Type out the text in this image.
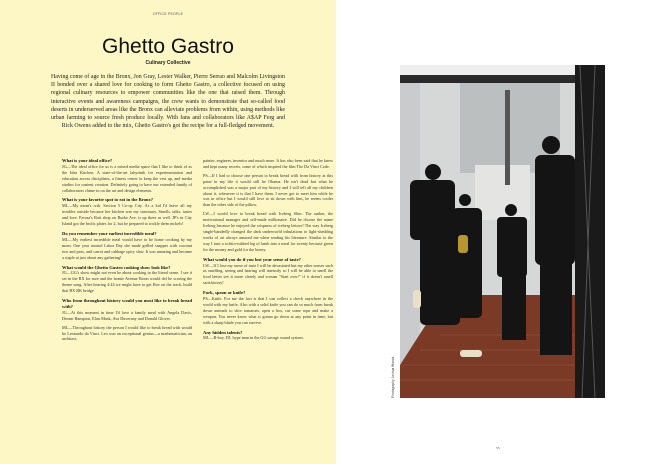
OFFICE PEOPLE
Ghetto Gastro
Culinary Collective

Having come of age in the Bronx, Jon Gray, Lester Walker, Pierre Serrao and Malcolm Livingston II bonded over a shared love for cooking to form Ghetto Gastro, a collective focused on using regional culinary resources to empower communities like the one that raised them. Through interactive events and awareness campaigns, the crew wants to demonstrate that so-called food deserts in underserved areas like the Bronx can alleviate problems from within, using methods like urban farming to source fresh produce locally. With fans and collaborators like A$AP Ferg and Rick Owens added to the mix, Ghetto Gastro's got the recipe for a full-fledged movement.

What is your ideal office?

JG—The ideal office for us is a mixed media space that I like to think of as the Idea Kitchen. A state-of-the-art labyrinth for experimentation and education across disciplines, a fitness center to keep the vest up, and media studios for content creation. Definitely going to have our extended family of collaborators chime in on the art and design elements.

What is your favorite spot to eat in the Bronx?

ML—My mom's crib. Section 5 Co-op City. As a kid I'd leave all my troubles outside because her kitchen was my sanctuary. Smells, talks, tastes and love. Ferosa's Roti shop on Burke Ave. is up there as well. JP's in City Island got the brolic plates for 2, but be prepared to trickle them nickels!

Do you remember your earliest incredible meal?

ML—My earliest incredible meal would have to be home cooking by my mom. One year around Labor Day she made grilled snapper with coconut rice and peas, and carrot and cabbage spicy slaw. It was amazing and became a staple at just about any gathering!

What would the Ghetto Gastro cooking show look like?

JG—GG's show might not even be about cooking in the literal sense. I see it set in the BX for sure and the homie Avenue Boots would def be scoring the theme song. After hearing 4:44 we might have to get Hov on the track, build that BX BK bridge.

Who from throughout history would you most like to break bread with?

JG—At this moment in time I'd love a family meal with Angela Davis, Dream Hampton, Elon Musk, Ava Duvernay and Donald Glover.

ML—Throughout history the person I would like to break bread with would be Leonardo da Vinci. Leo was an exceptional genius—a mathematician, an architect,

painter, engineer, inventor and much more. It has also been said that he knew and kept many secrets, some of which inspired the film The Da Vinci Code.

PS—If I had to choose one person to break bread with from history at this point in my life it would still be Obama. He isn't dead but what he accomplished was a major part of my history and I will tell all my children about it, whenever it is that I have them. I never got to meet him while he was in office but I would still love to sit down with him, he seems cooler than the other side of the pillow.

LW—I would love to break bread with Iceberg Slim. The author, the motivational manager and self-made millionaire. Did he choose the name Iceberg because he enjoyed the crispness of iceberg lettuce! The way Iceberg single-handedly changed the dark underworld tribulations to light-shedding works of art always amazed me when reading his literature. Similar to the way I turn a sofrito-rubbed leg of lamb into a meal for twenty because green for the money and gold for the honey.

What would you do if you lost your sense of taste?

LW—If I lose my sense of taste I will be devastated but my other senses such as smelling, seeing and hearing will intensify so I will be able to smell the food better see it more clearly and scream "Start over!" if it doesn't smell satisfactory!

Fork, spoon or knife?

PS—Knife. For me the fact is that I can collect a check anywhere in the world with my knife. Also with a solid knife you can do so much from break down animals to slice tomatoes, open a box, cut some rope and make a weapon. You never know what is gonna go down at any point in time, but with a sharp blade you can survive.

Any hidden talents?

ML—B-boy, DJ, hype man in the GG savage sound system.

Photography Joshua Woods
53
